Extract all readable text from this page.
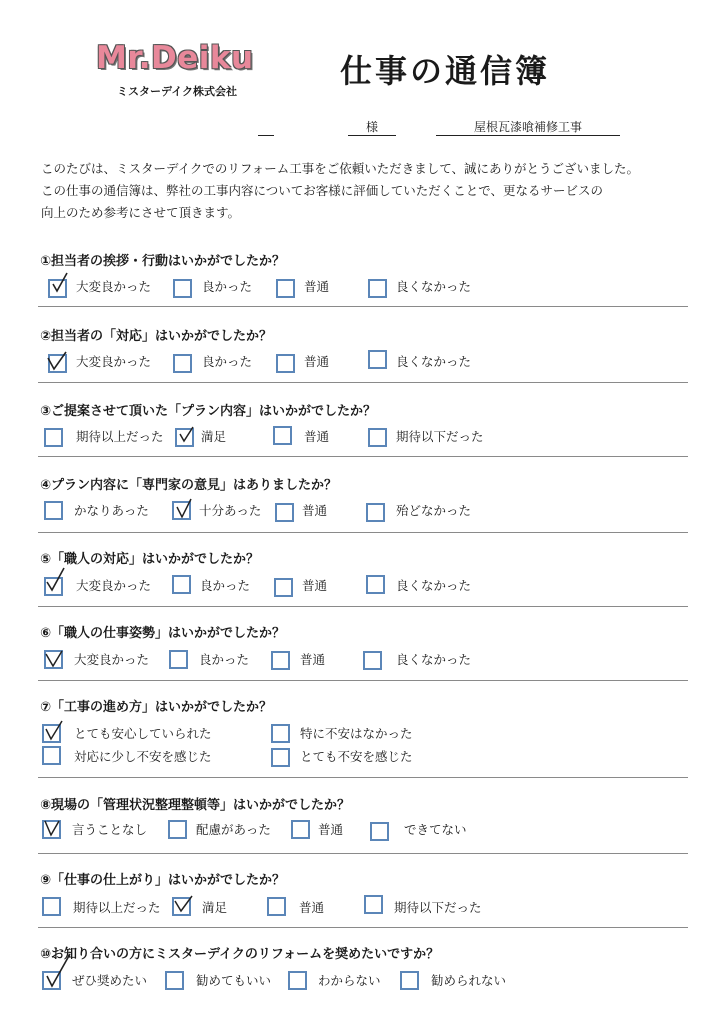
Mr.Deiku
ミスターデイク株式会社
仕事の通信簿
様	屋根瓦漆喰補修工事
このたびは、ミスターデイクでのリフォーム工事をご依頼いただきまして、誠にありがとうございました。
この仕事の通信簿は、弊社の工事内容についてお客様に評価していただくことで、更なるサービスの
向上のため参考にさせて頂きます。
①担当者の挨拶・行動はいかがでしたか？
大変良かった	良かった	普通	良くなかった
②担当者の「対応」はいかがでしたか？
大変良かった	良かった	普通	良くなかった
③ご提案させて頂いた「プラン内容」はいかがでしたか？
期待以上だった	満足	普通	期待以下だった
④プラン内容に「専門家の意見」はありましたか？
かなりあった	十分あった	普通	殆どなかった
⑤「職人の対応」はいかがでしたか？
大変良かった	良かった	普通	良くなかった
⑥「職人の仕事姿勢」はいかがでしたか？
大変良かった	良かった	普通	良くなかった
⑦「工事の進め方」はいかがでしたか？
とても安心していられた	特に不安はなかった
対応に少し不安を感じた	とても不安を感じた
⑧現場の「管理状況整理整頓等」はいかがでしたか？
言うことなし	配慮があった	普通	できてない
⑨「仕事の仕上がり」はいかがでしたか？
期待以上だった	満足	普通	期待以下だった
⑩お知り合いの方にミスターデイクのリフォームを奨めたいですか？
ぜひ奨めたい	勧めてもいい	わからない	勧められない
